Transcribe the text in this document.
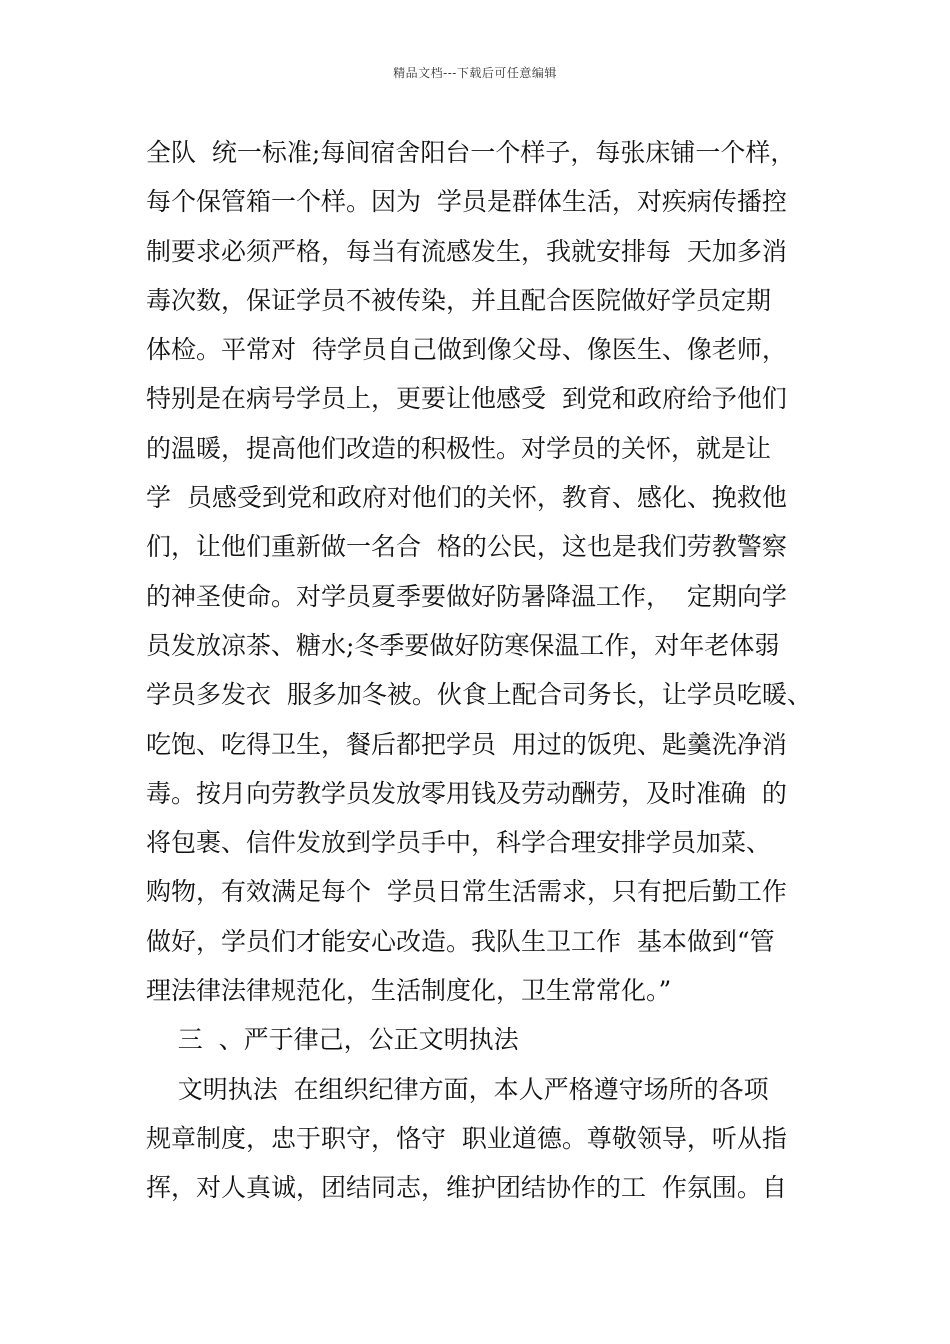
精品文档---下载后可任意编辑
全队  统一标准;每间宿舍阳台一个样子，每张床铺一个样，
每个保管箱一个样。因为  学员是群体生活，对疾病传播控
制要求必须严格，每当有流感发生，我就安排每  天加多消
毒次数，保证学员不被传染，并且配合医院做好学员定期
体检。平常对  待学员自己做到像父母、像医生、像老师，
特别是在病号学员上，更要让他感受  到党和政府给予他们
的温暖，提高他们改造的积极性。对学员的关怀，就是让
学  员感受到党和政府对他们的关怀，教育、感化、挽救他
们，让他们重新做一名合  格的公民，这也是我们劳教警察
的神圣使命。对学员夏季要做好防暑降温工作，  定期向学
员发放凉茶、糖水;冬季要做好防寒保温工作，对年老体弱
学员多发衣  服多加冬被。伙食上配合司务长，让学员吃暖、
吃饱、吃得卫生，餐后都把学员  用过的饭兜、匙羹洗净消
毒。按月向劳教学员发放零用钱及劳动酬劳，及时准确  的
将包裹、信件发放到学员手中，科学合理安排学员加菜、
购物，有效满足每个  学员日常生活需求，只有把后勤工作
做好，学员们才能安心改造。我队生卫工作  基本做到“管
理法律法律规范化，生活制度化，卫生常常化。”
三  、严于律己，公正文明执法
文明执法  在组织纪律方面，本人严格遵守场所的各项
规章制度，忠于职守，恪守  职业道德。尊敬领导，听从指
挥，对人真诚，团结同志，维护团结协作的工  作氛围。自
